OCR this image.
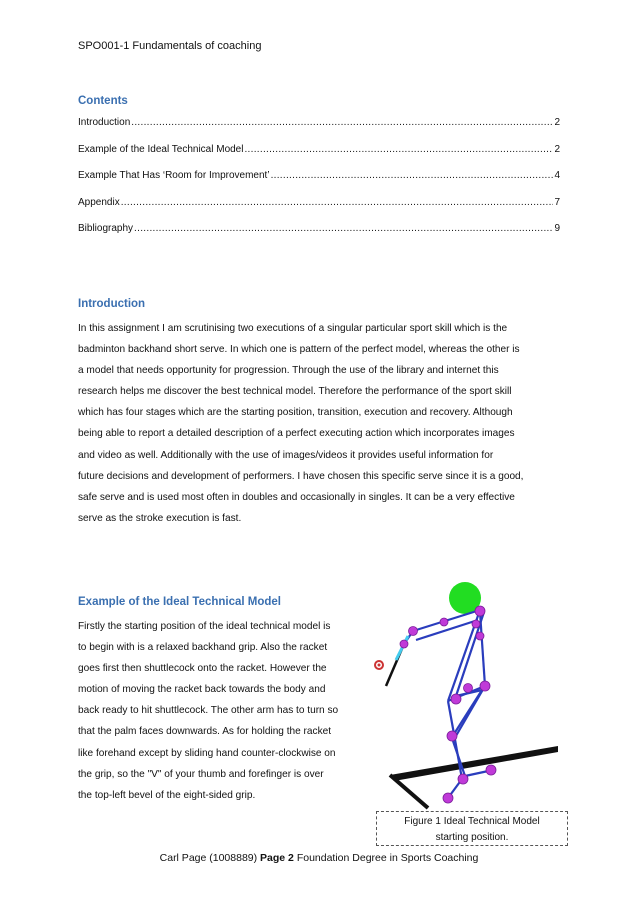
SPO001-1 Fundamentals of coaching
Contents
Introduction .....	2
Example of the Ideal Technical Model .....	2
Example That Has ‘Room for Improvement’ .....	4
Appendix .....	7
Bibliography .....	9
Introduction
In this assignment I am scrutinising two executions of a singular particular sport skill which is the
badminton backhand short serve. In which one is pattern of the perfect model, whereas the other is
a model that needs opportunity for progression. Through the use of the library and internet this
research helps me discover the best technical model. Therefore the performance of the sport skill
which has four stages which are the starting position, transition, execution and recovery. Although
being able to report a detailed description of a perfect executing action which incorporates images
and video as well. Additionally with the use of images/videos it provides useful information for
future decisions and development of performers. I have chosen this specific serve since it is a good,
safe serve and is used most often in doubles and occasionally in singles. It can be a very effective
serve as the stroke execution is fast.
Example of the Ideal Technical Model
Firstly the starting position of the ideal technical model is
to begin with is a relaxed backhand grip. Also the racket
goes first then shuttlecock onto the racket. However the
motion of moving the racket back towards the body and
back ready to hit shuttlecock. The other arm has to turn so
that the palm faces downwards. As for holding the racket
like forehand except by sliding hand counter-clockwise on
the grip, so the "V" of your thumb and forefinger is over
the top-left bevel of the eight-sided grip.
Figure 1 Ideal Technical Model
starting position.
Carl Page (1008889) Page 2 Foundation Degree in Sports Coaching
